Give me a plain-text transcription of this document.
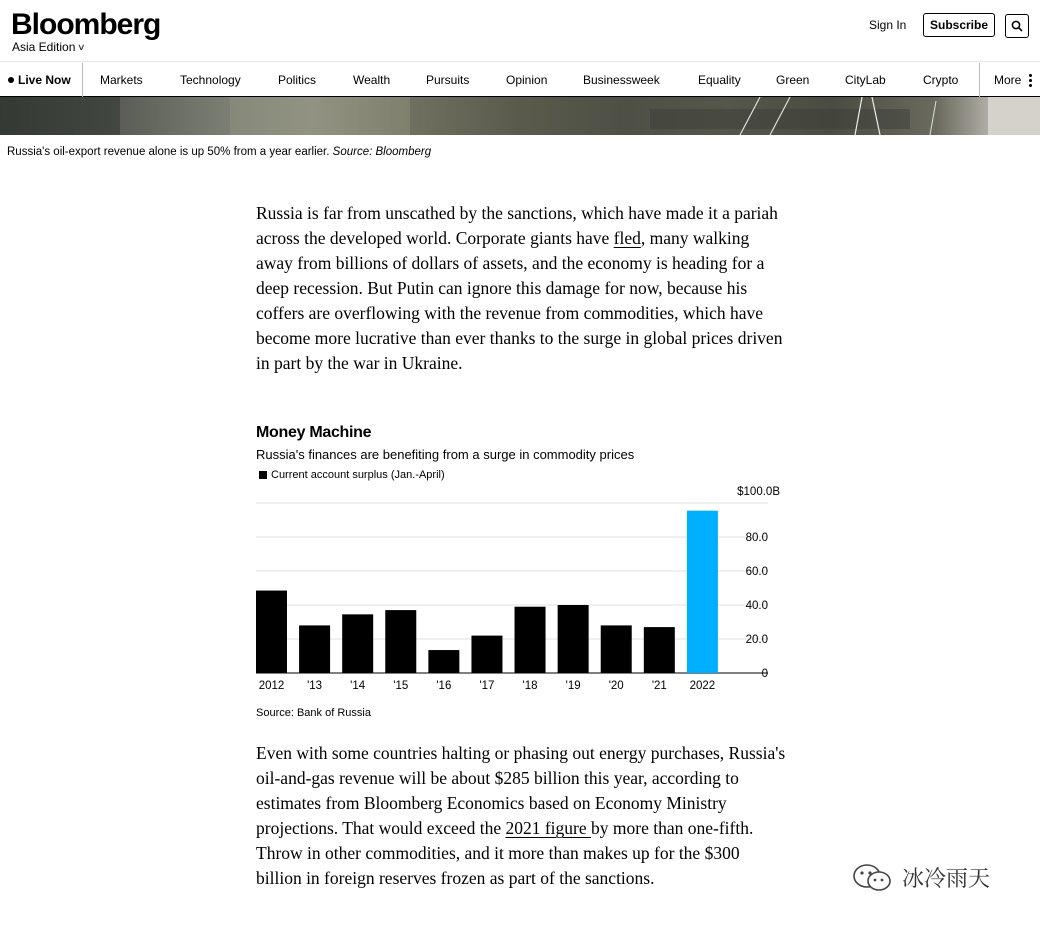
Bloomberg
Asia Edition ∨
Sign In	Subscribe
Live Now Markets	Technology	Politics	Wealth	Pursuits	Opinion	Businessweek	Equality	Green	CityLab	Crypto	More
Russia's oil-export revenue alone is up 50% from a year earlier. Source: Bloomberg
Russia is far from unscathed by the sanctions, which have made it a pariah across the developed world. Corporate giants have fled, many walking away from billions of dollars of assets, and the economy is heading for a deep recession. But Putin can ignore this damage for now, because his coffers are overflowing with the revenue from commodities, which have become more lucrative than ever thanks to the surge in global prices driven in part by the war in Ukraine.
Money Machine
Russia's finances are benefiting from a surge in commodity prices
Current account surplus (Jan.-April)
0
20.0
40.0
60.0
80.0
$100.0B
2012 '13 '14 '15 '16 '17 '18 '19 '20 '21 2022
Source: Bank of Russia
Even with some countries halting or phasing out energy purchases, Russia's oil-and-gas revenue will be about $285 billion this year, according to estimates from Bloomberg Economics based on Economy Ministry projections. That would exceed the 2021 figure by more than one-fifth. Throw in other commodities, and it more than makes up for the $300 billion in foreign reserves frozen as part of the sanctions.	冰冷雨天
